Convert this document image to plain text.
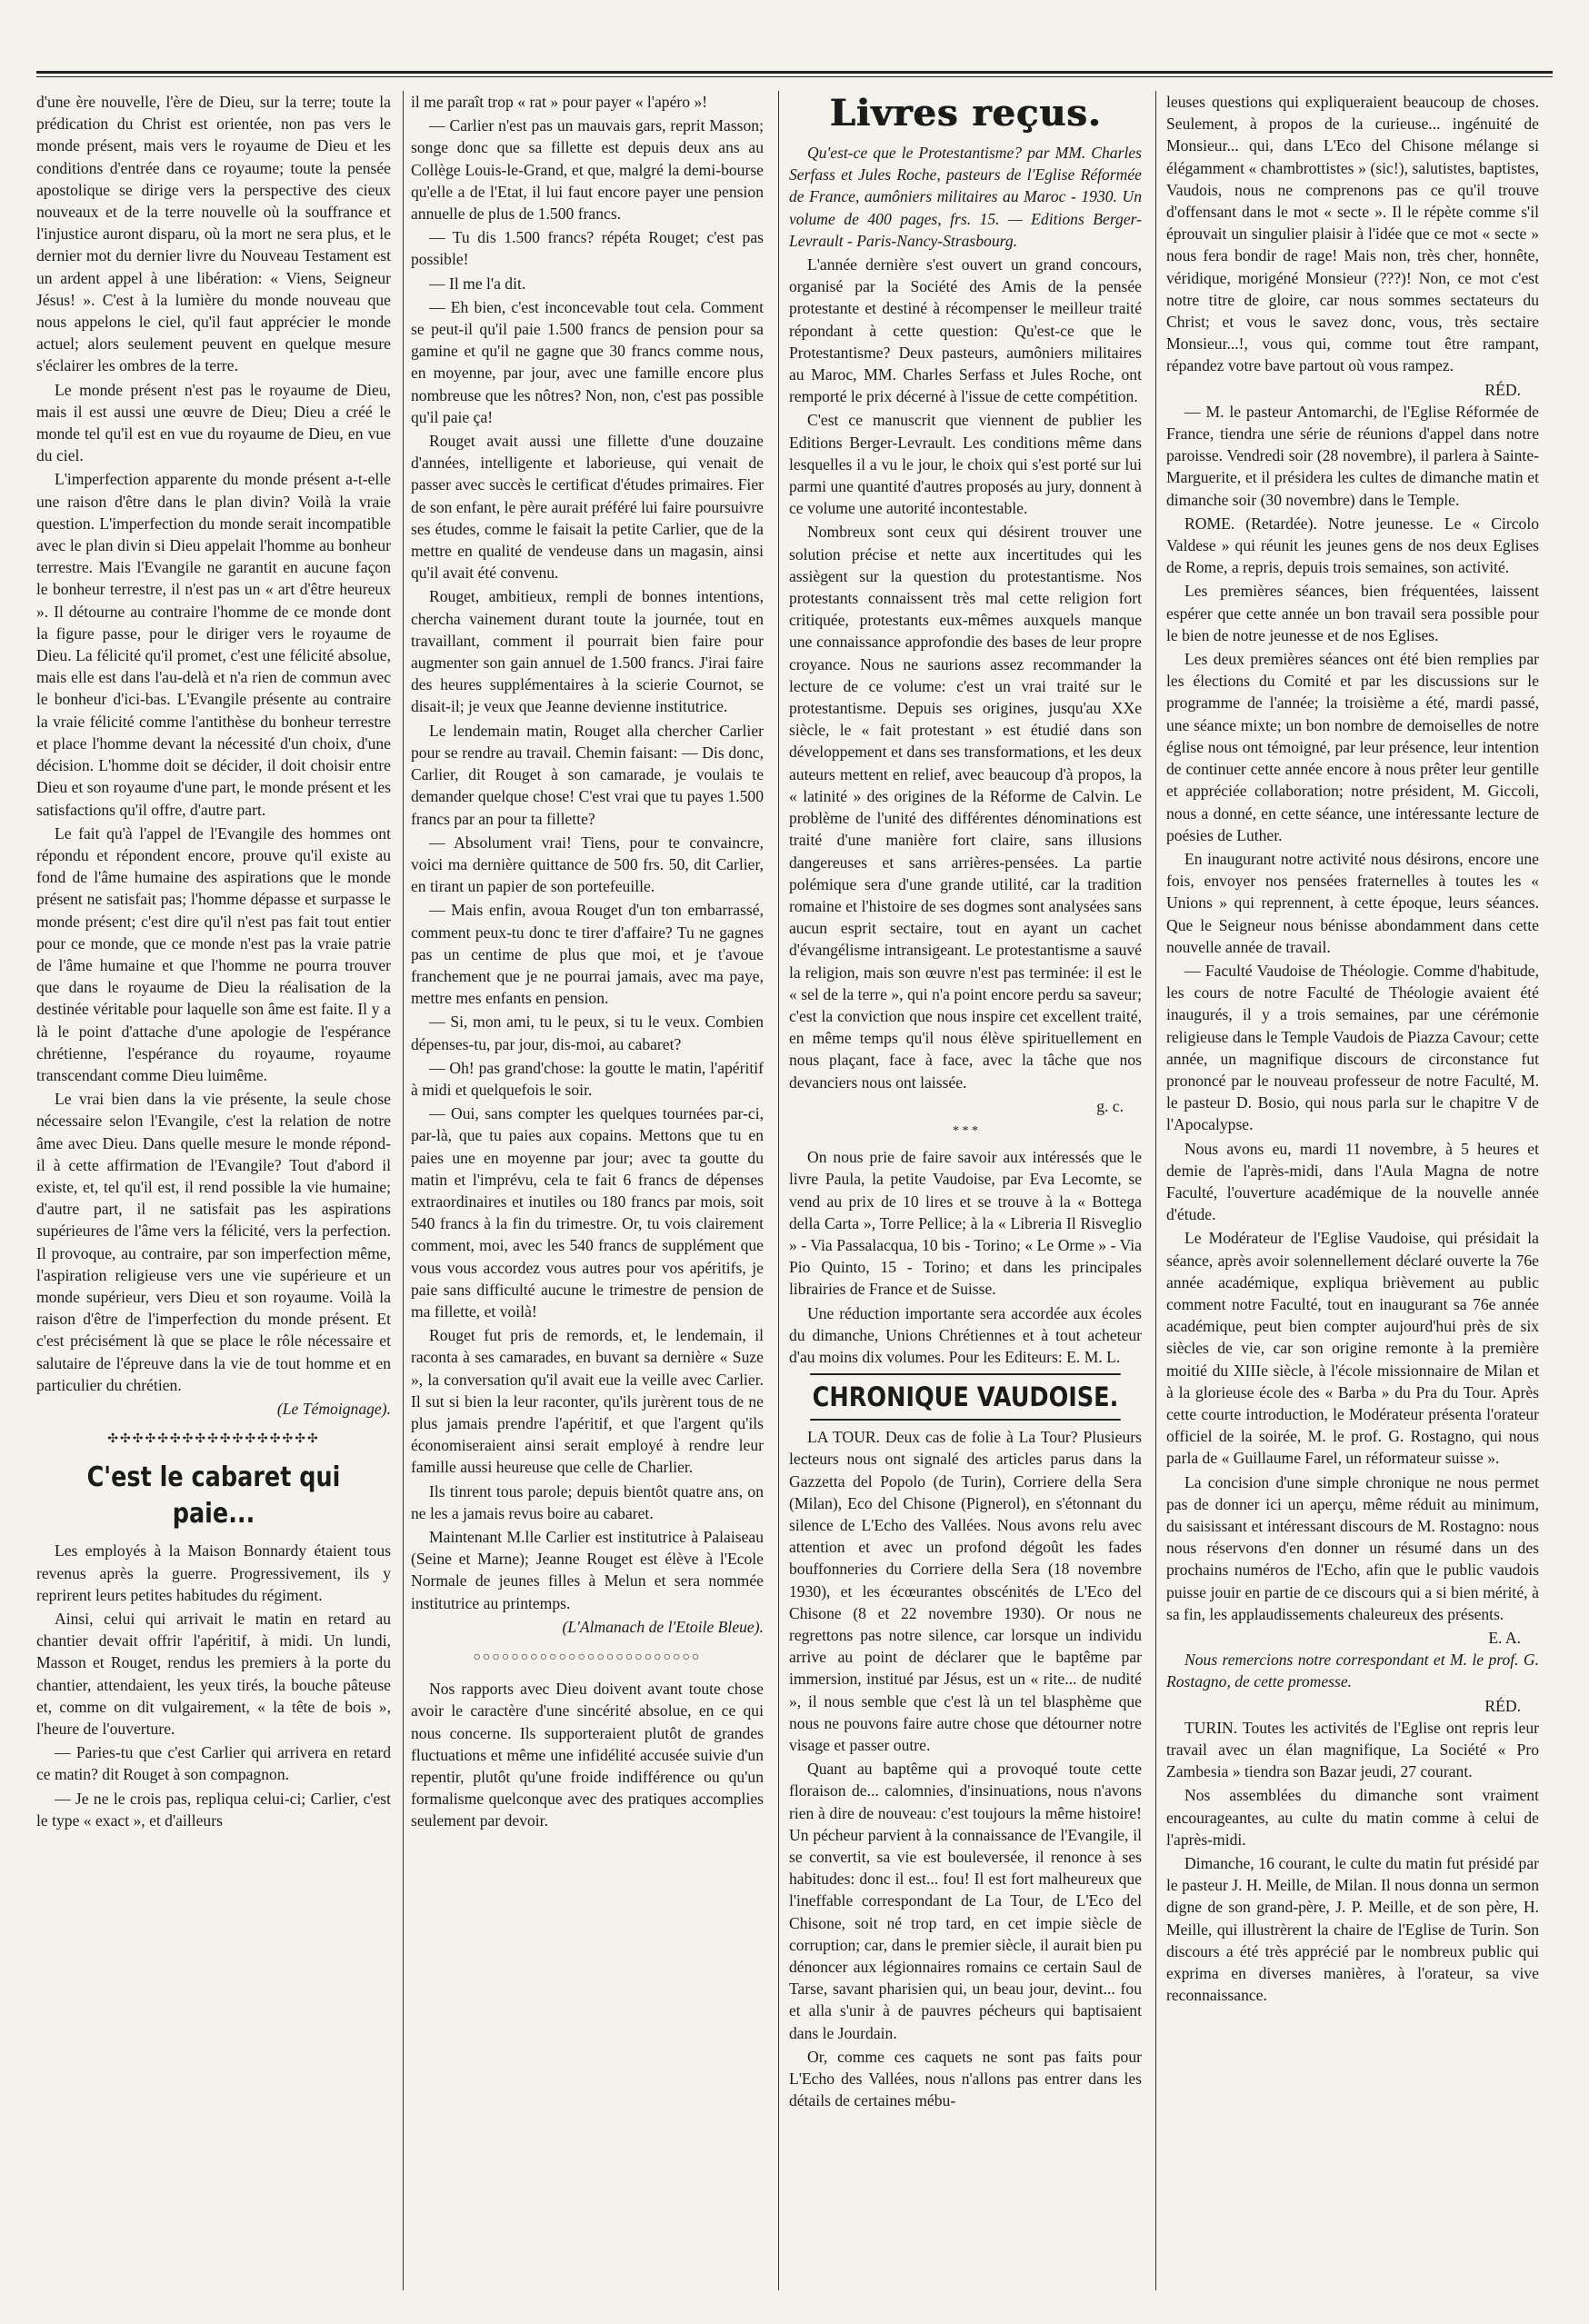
d'une ère nouvelle, l'ère de Dieu, sur la terre; toute la prédication du Christ est orientée, non pas vers le monde présent, mais vers le royaume de Dieu et les conditions d'entrée dans ce royaume; toute la pensée apostolique se dirige vers la perspective des cieux nouveaux et de la terre nouvelle où la souffrance et l'injustice auront disparu, où la mort ne sera plus, et le dernier mot du dernier livre du Nouveau Testament est un ardent appel à une libération: « Viens, Seigneur Jésus! ». C'est à la lumière du monde nouveau que nous appelons le ciel, qu'il faut apprécier le monde actuel; alors seulement peuvent en quelque mesure s'éclairer les ombres de la terre.

Le monde présent n'est pas le royaume de Dieu, mais il est aussi une œuvre de Dieu; Dieu a créé le monde tel qu'il est en vue du royaume de Dieu, en vue du ciel.

L'imperfection apparente du monde présent a-t-elle une raison d'être dans le plan divin? Voilà la vraie question. L'imperfection du monde serait incompatible avec le plan divin si Dieu appelait l'homme au bonheur terrestre. Mais l'Evangile ne garantit en aucune façon le bonheur terrestre, il n'est pas un « art d'être heureux ». Il détourne au contraire l'homme de ce monde dont la figure passe, pour le diriger vers le royaume de Dieu. La félicité qu'il promet, c'est une félicité absolue, mais elle est dans l'au-delà et n'a rien de commun avec le bonheur d'ici-bas. L'Evangile présente au contraire la vraie félicité comme l'antithèse du bonheur terrestre et place l'homme devant la nécessité d'un choix, d'une décision. L'homme doit se décider, il doit choisir entre Dieu et son royaume d'une part, le monde présent et les satisfactions qu'il offre, d'autre part.

Le fait qu'à l'appel de l'Evangile des hommes ont répondu et répondent encore, prouve qu'il existe au fond de l'âme humaine des aspirations que le monde présent ne satisfait pas; l'homme dépasse et surpasse le monde présent; c'est dire qu'il n'est pas fait tout entier pour ce monde, que ce monde n'est pas la vraie patrie de l'âme humaine et que l'homme ne pourra trouver que dans le royaume de Dieu la réalisation de la destinée véritable pour laquelle son âme est faite. Il y a là le point d'attache d'une apologie de l'espérance chrétienne, l'espérance du royaume, royaume transcendant comme Dieu luimême.

Le vrai bien dans la vie présente, la seule chose nécessaire selon l'Evangile, c'est la relation de notre âme avec Dieu. Dans quelle mesure le monde répond-il à cette affirmation de l'Evangile? Tout d'abord il existe, et, tel qu'il est, il rend possible la vie humaine; d'autre part, il ne satisfait pas les aspirations supérieures de l'âme vers la félicité, vers la perfection. Il provoque, au contraire, par son imperfection même, l'aspiration religieuse vers une vie supérieure et un monde supérieur, vers Dieu et son royaume. Voilà la raison d'être de l'imperfection du monde présent. Et c'est précisément là que se place le rôle nécessaire et salutaire de l'épreuve dans la vie de tout homme et en particulier du chrétien.

(Le Témoignage).
✣✣✣✣✣✣✣✣✣✣✣✣✣✣✣✣✣
C'est le cabaret qui paie...

Les employés à la Maison Bonnardy étaient tous revenus après la guerre. Progressivement, ils y reprirent leurs petites habitudes du régiment.

Ainsi, celui qui arrivait le matin en retard au chantier devait offrir l'apéritif, à midi. Un lundi, Masson et Rouget, rendus les premiers à la porte du chantier, attendaient, les yeux tirés, la bouche pâteuse et, comme on dit vulgairement, « la tête de bois », l'heure de l'ouverture.

— Paries-tu que c'est Carlier qui arrivera en retard ce matin? dit Rouget à son compagnon.

— Je ne le crois pas, repliqua celui-ci; Carlier, c'est le type « exact », et d'ailleurs

il me paraît trop « rat » pour payer « l'apéro »!

— Carlier n'est pas un mauvais gars, reprit Masson; songe donc que sa fillette est depuis deux ans au Collège Louis-le-Grand, et que, malgré la demi-bourse qu'elle a de l'Etat, il lui faut encore payer une pension annuelle de plus de 1.500 francs.

— Tu dis 1.500 francs? répéta Rouget; c'est pas possible!

— Il me l'a dit.

— Eh bien, c'est inconcevable tout cela. Comment se peut-il qu'il paie 1.500 francs de pension pour sa gamine et qu'il ne gagne que 30 francs comme nous, en moyenne, par jour, avec une famille encore plus nombreuse que les nôtres? Non, non, c'est pas possible qu'il paie ça!

Rouget avait aussi une fillette d'une douzaine d'années, intelligente et laborieuse, qui venait de passer avec succès le certificat d'études primaires. Fier de son enfant, le père aurait préféré lui faire poursuivre ses études, comme le faisait la petite Carlier, que de la mettre en qualité de vendeuse dans un magasin, ainsi qu'il avait été convenu.

Rouget, ambitieux, rempli de bonnes intentions, chercha vainement durant toute la journée, tout en travaillant, comment il pourrait bien faire pour augmenter son gain annuel de 1.500 francs. J'irai faire des heures supplémentaires à la scierie Cournot, se disait-il; je veux que Jeanne devienne institutrice.

Le lendemain matin, Rouget alla chercher Carlier pour se rendre au travail. Chemin faisant: — Dis donc, Carlier, dit Rouget à son camarade, je voulais te demander quelque chose! C'est vrai que tu payes 1.500 francs par an pour ta fillette?

— Absolument vrai! Tiens, pour te convaincre, voici ma dernière quittance de 500 frs. 50, dit Carlier, en tirant un papier de son portefeuille.

— Mais enfin, avoua Rouget d'un ton embarrassé, comment peux-tu donc te tirer d'affaire? Tu ne gagnes pas un centime de plus que moi, et je t'avoue franchement que je ne pourrai jamais, avec ma paye, mettre mes enfants en pension.

— Si, mon ami, tu le peux, si tu le veux. Combien dépenses-tu, par jour, dis-moi, au cabaret?

— Oh! pas grand'chose: la goutte le matin, l'apéritif à midi et quelquefois le soir.

— Oui, sans compter les quelques tournées par-ci, par-là, que tu paies aux copains. Mettons que tu en paies une en moyenne par jour; avec ta goutte du matin et l'imprévu, cela te fait 6 francs de dépenses extraordinaires et inutiles ou 180 francs par mois, soit 540 francs à la fin du trimestre. Or, tu vois clairement comment, moi, avec les 540 francs de supplément que vous vous accordez vous autres pour vos apéritifs, je paie sans difficulté aucune le trimestre de pension de ma fillette, et voilà!

Rouget fut pris de remords, et, le lendemain, il raconta à ses camarades, en buvant sa dernière « Suze », la conversation qu'il avait eue la veille avec Carlier. Il sut si bien la leur raconter, qu'ils jurèrent tous de ne plus jamais prendre l'apéritif, et que l'argent qu'ils économiseraient ainsi serait employé à rendre leur famille aussi heureuse que celle de Charlier.

Ils tinrent tous parole; depuis bientôt quatre ans, on ne les a jamais revus boire au cabaret.

Maintenant M.lle Carlier est institutrice à Palaiseau (Seine et Marne); Jeanne Rouget est élève à l'Ecole Normale de jeunes filles à Melun et sera nommée institutrice au printemps.

(L'Almanach de l'Etoile Bleue).
○○○○○○○○○○○○○○○○○○○○○○○○

Nos rapports avec Dieu doivent avant toute chose avoir le caractère d'une sincérité absolue, en ce qui nous concerne. Ils supporteraient plutôt de grandes fluctuations et même une infidélité accusée suivie d'un repentir, plutôt qu'une froide indifférence ou qu'un formalisme quelconque avec des pratiques accomplies seulement par devoir.

Livres reçus.

Qu'est-ce que le Protestantisme? par MM. Charles Serfass et Jules Roche, pasteurs de l'Eglise Réformée de France, aumôniers militaires au Maroc - 1930. Un volume de 400 pages, frs. 15. — Editions Berger-Levrault - Paris-Nancy-Strasbourg.

L'année dernière s'est ouvert un grand concours, organisé par la Société des Amis de la pensée protestante et destiné à récompenser le meilleur traité répondant à cette question: Qu'est-ce que le Protestantisme? Deux pasteurs, aumôniers militaires au Maroc, MM. Charles Serfass et Jules Roche, ont remporté le prix décerné à l'issue de cette compétition.

C'est ce manuscrit que viennent de publier les Editions Berger-Levrault. Les conditions même dans lesquelles il a vu le jour, le choix qui s'est porté sur lui parmi une quantité d'autres proposés au jury, donnent à ce volume une autorité incontestable.

Nombreux sont ceux qui désirent trouver une solution précise et nette aux incertitudes qui les assiègent sur la question du protestantisme. Nos protestants connaissent très mal cette religion fort critiquée, protestants eux-mêmes auxquels manque une connaissance approfondie des bases de leur propre croyance. Nous ne saurions assez recommander la lecture de ce volume: c'est un vrai traité sur le protestantisme. Depuis ses origines, jusqu'au XXe siècle, le « fait protestant » est étudié dans son développement et dans ses transformations, et les deux auteurs mettent en relief, avec beaucoup d'à propos, la « latinité » des origines de la Réforme de Calvin. Le problème de l'unité des différentes dénominations est traité d'une manière fort claire, sans illusions dangereuses et sans arrières-pensées. La partie polémique sera d'une grande utilité, car la tradition romaine et l'histoire de ses dogmes sont analysées sans aucun esprit sectaire, tout en ayant un cachet d'évangélisme intransigeant. Le protestantisme a sauvé la religion, mais son œuvre n'est pas terminée: il est le « sel de la terre », qui n'a point encore perdu sa saveur; c'est la conviction que nous inspire cet excellent traité, en même temps qu'il nous élève spirituellement en nous plaçant, face à face, avec la tâche que nos devanciers nous ont laissée.

g. c.
* * *

On nous prie de faire savoir aux intéressés que le livre Paula, la petite Vaudoise, par Eva Lecomte, se vend au prix de 10 lires et se trouve à la « Bottega della Carta », Torre Pellice; à la « Libreria Il Risveglio » - Via Passalacqua, 10 bis - Torino; « Le Orme » - Via Pio Quinto, 15 - Torino; et dans les principales librairies de France et de Suisse.

Une réduction importante sera accordée aux écoles du dimanche, Unions Chrétiennes et à tout acheteur d'au moins dix volumes. Pour les Editeurs: E. M. L.

CHRONIQUE VAUDOISE.

LA TOUR. Deux cas de folie à La Tour? Plusieurs lecteurs nous ont signalé des articles parus dans la Gazzetta del Popolo (de Turin), Corriere della Sera (Milan), Eco del Chisone (Pignerol), en s'étonnant du silence de L'Echo des Vallées. Nous avons relu avec attention et avec un profond dégoût les fades bouffonneries du Corriere della Sera (18 novembre 1930), et les écœurantes obscénités de L'Eco del Chisone (8 et 22 novembre 1930). Or nous ne regrettons pas notre silence, car lorsque un individu arrive au point de déclarer que le baptême par immersion, institué par Jésus, est un « rite... de nudité », il nous semble que c'est là un tel blasphème que nous ne pouvons faire autre chose que détourner notre visage et passer outre.

Quant au baptême qui a provoqué toute cette floraison de... calomnies, d'insinuations, nous n'avons rien à dire de nouveau: c'est toujours la même histoire! Un pécheur parvient à la connaissance de l'Evangile, il se convertit, sa vie est bouleversée, il renonce à ses habitudes: donc il est... fou! Il est fort malheureux que l'ineffable correspondant de La Tour, de L'Eco del Chisone, soit né trop tard, en cet impie siècle de corruption; car, dans le premier siècle, il aurait bien pu dénoncer aux légionnaires romains ce certain Saul de Tarse, savant pharisien qui, un beau jour, devint... fou et alla s'unir à de pauvres pécheurs qui baptisaient dans le Jourdain.

Or, comme ces caquets ne sont pas faits pour L'Echo des Vallées, nous n'allons pas entrer dans les détails de certaines mébu-

leuses questions qui expliqueraient beaucoup de choses. Seulement, à propos de la curieuse... ingénuité de Monsieur... qui, dans L'Eco del Chisone mélange si élégamment « chambrottistes » (sic!), salutistes, baptistes, Vaudois, nous ne comprenons pas ce qu'il trouve d'offensant dans le mot « secte ». Il le répète comme s'il éprouvait un singulier plaisir à l'idée que ce mot « secte » nous fera bondir de rage! Mais non, très cher, honnête, véridique, morigéné Monsieur (???)! Non, ce mot c'est notre titre de gloire, car nous sommes sectateurs du Christ; et vous le savez donc, vous, très sectaire Monsieur...!, vous qui, comme tout être rampant, répandez votre bave partout où vous rampez.

RÉD.

— M. le pasteur Antomarchi, de l'Eglise Réformée de France, tiendra une série de réunions d'appel dans notre paroisse. Vendredi soir (28 novembre), il parlera à Sainte-Marguerite, et il présidera les cultes de dimanche matin et dimanche soir (30 novembre) dans le Temple.

ROME. (Retardée). Notre jeunesse. Le « Circolo Valdese » qui réunit les jeunes gens de nos deux Eglises de Rome, a repris, depuis trois semaines, son activité.

Les premières séances, bien fréquentées, laissent espérer que cette année un bon travail sera possible pour le bien de notre jeunesse et de nos Eglises.

Les deux premières séances ont été bien remplies par les élections du Comité et par les discussions sur le programme de l'année; la troisième a été, mardi passé, une séance mixte; un bon nombre de demoiselles de notre église nous ont témoigné, par leur présence, leur intention de continuer cette année encore à nous prêter leur gentille et appréciée collaboration; notre président, M. Giccoli, nous a donné, en cette séance, une intéressante lecture de poésies de Luther.

En inaugurant notre activité nous désirons, encore une fois, envoyer nos pensées fraternelles à toutes les « Unions » qui reprennent, à cette époque, leurs séances. Que le Seigneur nous bénisse abondamment dans cette nouvelle année de travail.

— Faculté Vaudoise de Théologie. Comme d'habitude, les cours de notre Faculté de Théologie avaient été inaugurés, il y a trois semaines, par une cérémonie religieuse dans le Temple Vaudois de Piazza Cavour; cette année, un magnifique discours de circonstance fut prononcé par le nouveau professeur de notre Faculté, M. le pasteur D. Bosio, qui nous parla sur le chapitre V de l'Apocalypse.

Nous avons eu, mardi 11 novembre, à 5 heures et demie de l'après-midi, dans l'Aula Magna de notre Faculté, l'ouverture académique de la nouvelle année d'étude.

Le Modérateur de l'Eglise Vaudoise, qui présidait la séance, après avoir solennellement déclaré ouverte la 76e année académique, expliqua brièvement au public comment notre Faculté, tout en inaugurant sa 76e année académique, peut bien compter aujourd'hui près de six siècles de vie, car son origine remonte à la première moitié du XIIIe siècle, à l'école missionnaire de Milan et à la glorieuse école des « Barba » du Pra du Tour. Après cette courte introduction, le Modérateur présenta l'orateur officiel de la soirée, M. le prof. G. Rostagno, qui nous parla de « Guillaume Farel, un réformateur suisse ».

La concision d'une simple chronique ne nous permet pas de donner ici un aperçu, même réduit au minimum, du saisissant et intéressant discours de M. Rostagno: nous nous réservons d'en donner un résumé dans un des prochains numéros de l'Echo, afin que le public vaudois puisse jouir en partie de ce discours qui a si bien mérité, à sa fin, les applaudissements chaleureux des présents.

E. A.

Nous remercions notre correspondant et M. le prof. G. Rostagno, de cette promesse.

RÉD.

TURIN. Toutes les activités de l'Eglise ont repris leur travail avec un élan magnifique, La Société « Pro Zambesia » tiendra son Bazar jeudi, 27 courant.

Nos assemblées du dimanche sont vraiment encourageantes, au culte du matin comme à celui de l'après-midi.

Dimanche, 16 courant, le culte du matin fut présidé par le pasteur J. H. Meille, de Milan. Il nous donna un sermon digne de son grand-père, J. P. Meille, et de son père, H. Meille, qui illustrèrent la chaire de l'Eglise de Turin. Son discours a été très apprécié par le nombreux public qui exprima en diverses manières, à l'orateur, sa vive reconnaissance.
